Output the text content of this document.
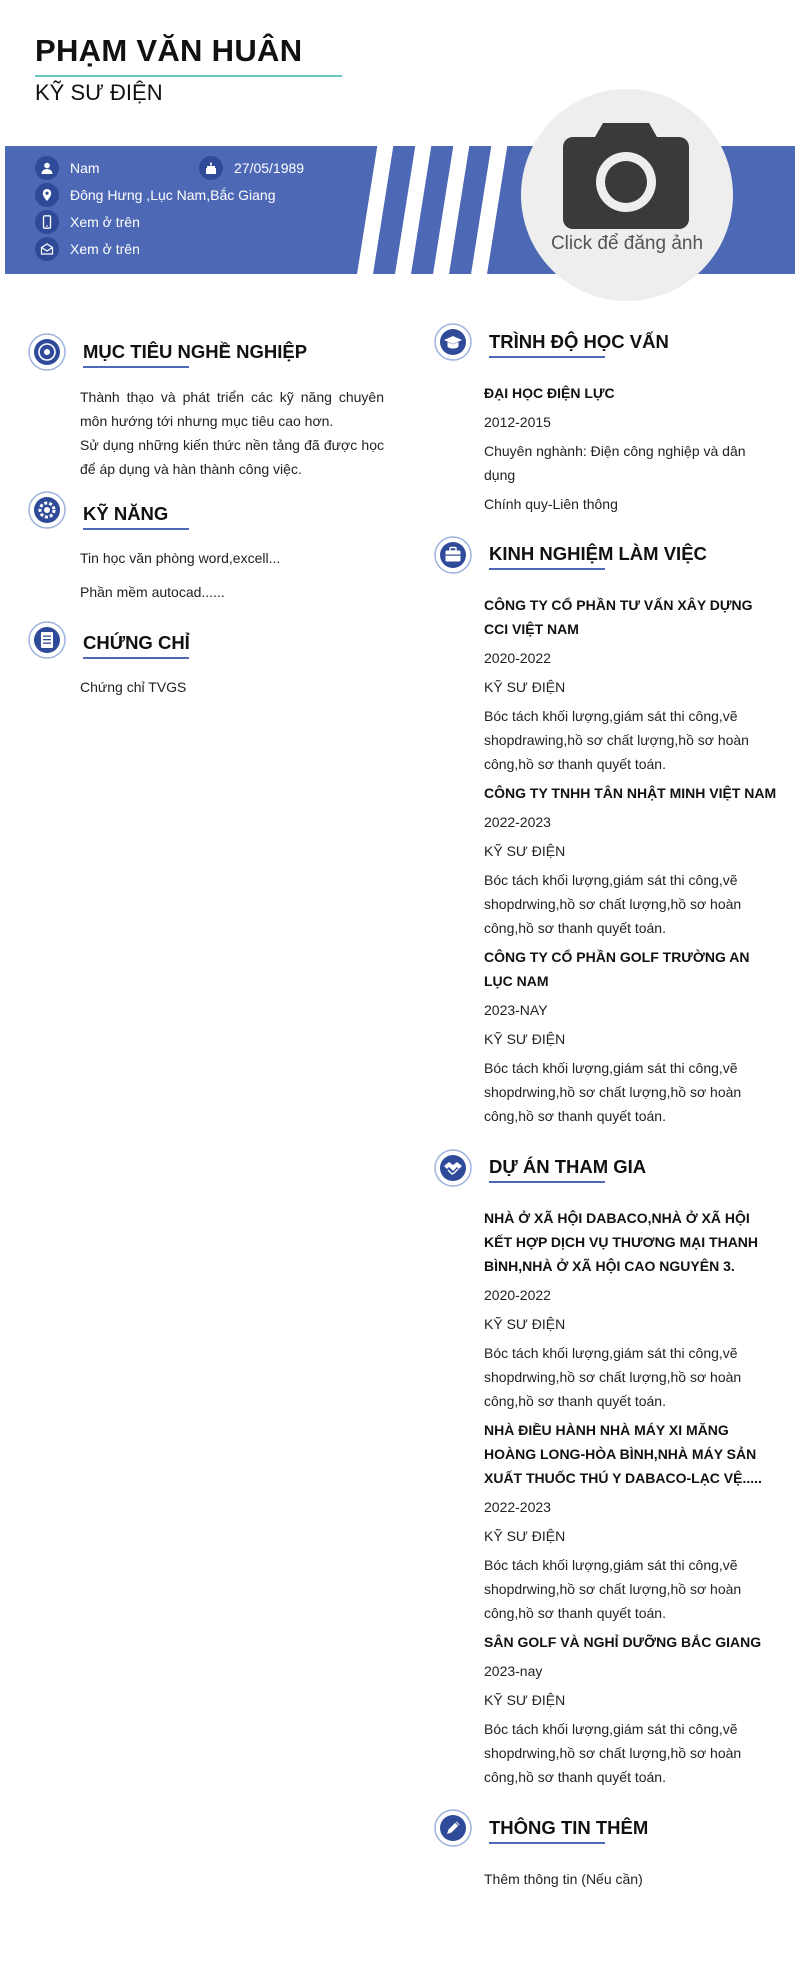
PHẠM VĂN HUÂN
KỸ SƯ ĐIỆN
Nam	27/05/1989
Đông Hưng ,Lục Nam,Bắc Giang
Xem ở trên
Xem ở trên	Click để đăng ảnh
MỤC TIÊU NGHỀ NGHIỆP
Thành thạo và phát triển các kỹ năng chuyên môn hướng tới nhưng mục tiêu cao hơn.
Sử dụng những kiến thức nền tảng đã được học để áp dụng và hàn thành công việc.
KỸ NĂNG
Tin học văn phòng word,excell...
Phần mềm autocad......
CHỨNG CHỈ
Chứng chỉ TVGS
TRÌNH ĐỘ HỌC VẤN
ĐẠI HỌC ĐIỆN LỰC
2012-2015
Chuyên nghành: Điện công nghiệp và dân dụng
Chính quy-Liên thông
KINH NGHIỆM LÀM VIỆC
CÔNG TY CỔ PHẦN TƯ VẤN XÂY DỰNG CCI VIỆT NAM
2020-2022
KỸ SƯ ĐIỆN
Bóc tách khối lượng,giám sát thi công,vẽ shopdrawing,hồ sơ chất lượng,hồ sơ hoàn công,hồ sơ thanh quyết toán.
CÔNG TY TNHH TÂN NHẬT MINH VIỆT NAM
2022-2023
KỸ SƯ ĐIỆN
Bóc tách khối lượng,giám sát thi công,vẽ shopdrwing,hồ sơ chất lượng,hồ sơ hoàn công,hồ sơ thanh quyết toán.
CÔNG TY CỔ PHẦN GOLF TRƯỜNG AN LỤC NAM
2023-NAY
KỸ SƯ ĐIỆN
Bóc tách khối lượng,giám sát thi công,vẽ shopdrwing,hồ sơ chất lượng,hồ sơ hoàn công,hồ sơ thanh quyết toán.
DỰ ÁN THAM GIA
NHÀ Ở XÃ HỘI DABACO,NHÀ Ở XÃ HỘI KẾT HỢP DỊCH VỤ THƯƠNG MẠI THANH BÌNH,NHÀ Ở XÃ HỘI CAO NGUYÊN 3.
2020-2022
KỸ SƯ ĐIỆN
Bóc tách khối lượng,giám sát thi công,vẽ shopdrwing,hồ sơ chất lượng,hồ sơ hoàn công,hồ sơ thanh quyết toán.
NHÀ ĐIỀU HÀNH NHÀ MÁY XI MĂNG HOÀNG LONG-HÒA BÌNH,NHÀ MÁY SẢN XUẤT THUỐC THÚ Y DABACO-LẠC VỆ.....
2022-2023
KỸ SƯ ĐIỆN
Bóc tách khối lượng,giám sát thi công,vẽ shopdrwing,hồ sơ chất lượng,hồ sơ hoàn công,hồ sơ thanh quyết toán.
SÂN GOLF VÀ NGHỈ DƯỠNG BẮC GIANG
2023-nay
KỸ SƯ ĐIỆN
Bóc tách khối lượng,giám sát thi công,vẽ shopdrwing,hồ sơ chất lượng,hồ sơ hoàn công,hồ sơ thanh quyết toán.
THÔNG TIN THÊM
Thêm thông tin (Nếu cần)
